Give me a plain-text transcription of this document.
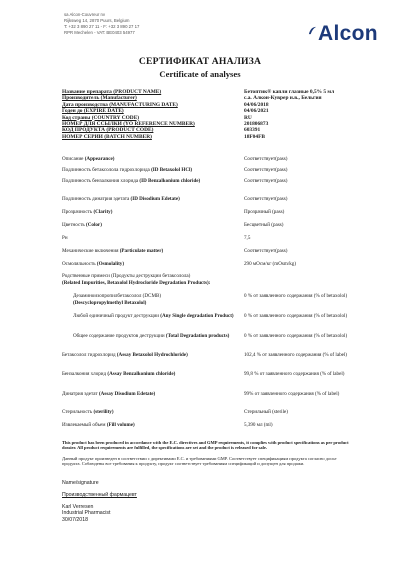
sa Alcon-Couvreur nv
Rijksweg 14, 2870 Puurs, Belgium
T: +32 3 890 27 11 - F: +32 3 890 27 17
RPR Mechelen - VAT: BE0403 54977	Alcon
СЕРТИФИКАТ АНАЛИЗА
Certificate of analyses
Название препарата (PRODUCT NAME)	Бетоптик® капли глазные 0,5% 5 мл
Производитель (Manufacturer)	с.а. Алкон-Куврер н.в., Бельгия
Дата производства (MANUFACTURING DATE)	04/06/2018
Годен до (EXPIRE DATE)	04/06/2021
Код страны (COUNTRY CODE)	RU
НОМЕР ДЛЯ ССЫЛКИ (YO REFERENCE NUMBER)	201806873
КОД ПРОДУКТА (PRODUCT CODE)	603391
НОМЕР СЕРИИ (BATCH NUMBER)	18F04FB
Описание (Appearance)	Соответствует(pass)
Подлинность бетаксолола гидрохлорида (ID Betaxolol HCl)	Соответствует(pass)
Подлинность бензалкония хлорида (ID Benzalkonium chloride)	Соответствует(pass)
Подлинность динатрия эдетата (ID Disodium Edetate)	Соответствует(pass)
Прозрачность (Clarity)	Прозрачный (pass)
Цветность (Color)	Бесцветный (pass)
Рн	7,5
Механические включения (Particulate matter)	Соответствует(pass)
Осмоляльность (Osmolality)	290 мОсм/кг (mOsm/kg)
Родственные примеси (Продукты деструкции бетаксолола)
(Related Impurities, Betaxolol Hydrocloride Degradation Products):
Дезаминоизопропилбетаксолол (DCMB)
(Descyclopropylmethyl Betaxolol)
0 % от заявленного содержания (% of betaxolol)
Любой единичный продукт деструкции (Any Single degradation Product) 0 % от заявленного содержания (% of betaxolol)
Общее содержание продуктов деструкции (Total Degradation products)	0 % от заявленного содержания (% of betaxolol)
Бетаксолол гидрохлорид (Assay Betaxolol Hydrochloride)	102,4 % от заявленного содержания (% of label)
Бензалкония хлорид (Assay Benzalkonium chloride)	99,8 % от заявленного содержания (% of label)
Динатрия эдетат (Assay Disodium Edetate)	99% от заявленного содержания (% of label)
Стерильность (sterility)	Стерильный (sterile)
Извлекаемый объем (Fill volume)	5,390 мл (ml)
This product has been produced in accordance with the E.C. directives and GMP requirements, it complies with product specifications as per product dossier. All product requirements are fulfilled, the specifications are set and the product is released for sale.
Данный продукт произведен в соответствии с директивами Е.С. и требованиями GMP. Соответствует спецификациям продукта согласно досье продукта. Соблюдены все требования к продукту, продукт соответствует требованиям спецификаций и допущен для продажи.
Name/signature
Производственный фармацевт
Karl Verresen
Industrial Pharmacist
30/07/2018
